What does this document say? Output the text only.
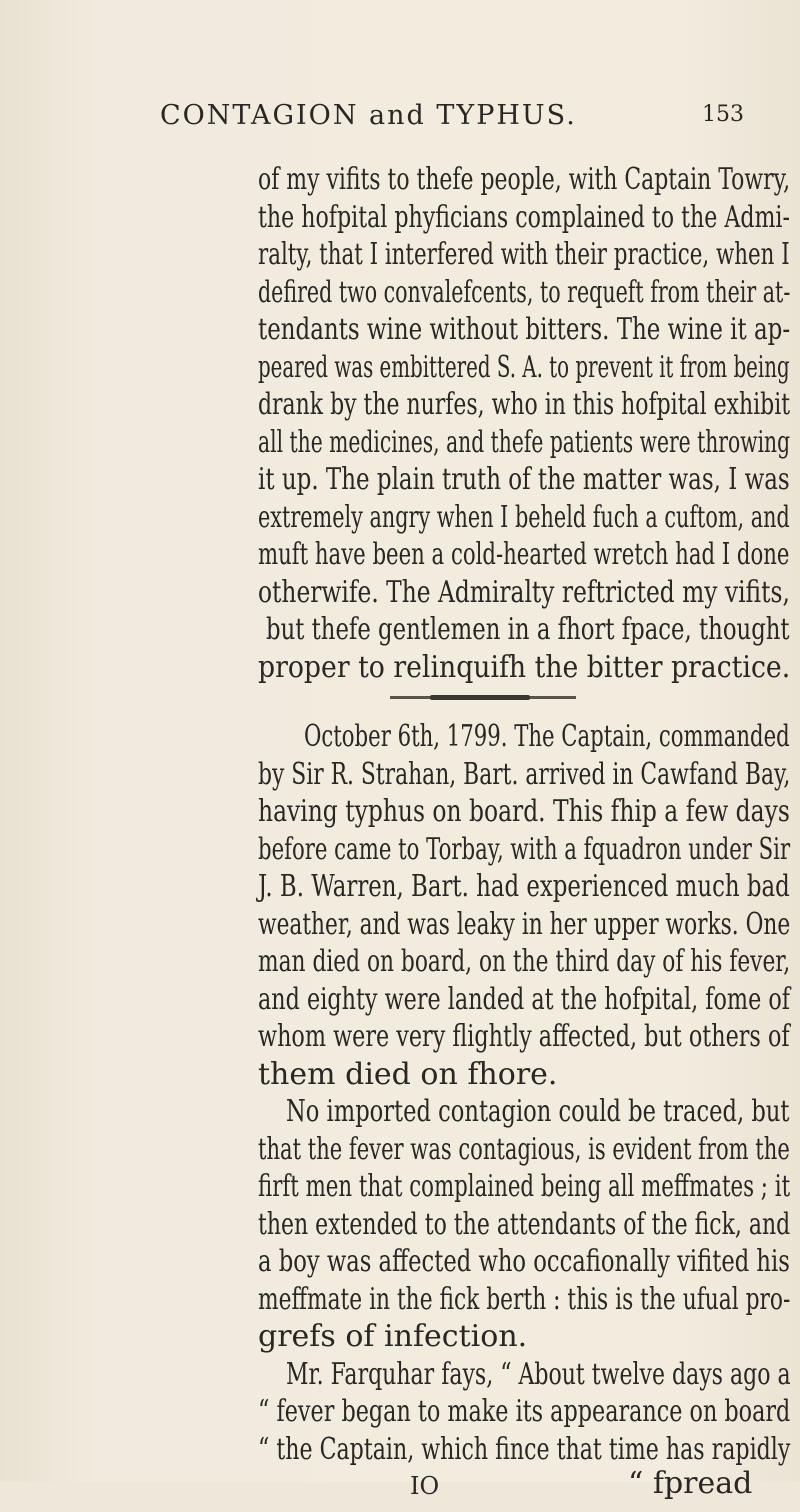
CONTAGION and TYPHUS.	153
of my vifits to thefe people, with Captain Towry,
the hofpital phyficians complained to the Admi-
ralty, that I interfered with their practice, when I
defired two convalefcents, to requeft from their at-
tendants wine without bitters. The wine it ap-
peared was embittered S. A. to prevent it from being
drank by the nurfes, who in this hofpital exhibit
all the medicines, and thefe patients were throwing
it up. The plain truth of the matter was, I was
extremely angry when I beheld fuch a cuftom, and
muft have been a cold-hearted wretch had I done
otherwife. The Admiralty reftricted my vifits,
but thefe gentlemen in a fhort fpace, thought
proper to relinquifh the bitter practice.
October 6th, 1799. The Captain, commanded
by Sir R. Strahan, Bart. arrived in Cawfand Bay,
having typhus on board. This fhip a few days
before came to Torbay, with a fquadron under Sir
J. B. Warren, Bart. had experienced much bad
weather, and was leaky in her upper works. One
man died on board, on the third day of his fever,
and eighty were landed at the hofpital, fome of
whom were very flightly affected, but others of
them died on fhore.
No imported contagion could be traced, but
that the fever was contagious, is evident from the
firft men that complained being all meffmates ; it
then extended to the attendants of the fick, and
a boy was affected who occafionally vifited his
meffmate in the fick berth : this is the ufual pro-
grefs of infection.
Mr. Farquhar fays, “ About twelve days ago a
“ fever began to make its appearance on board
“ the Captain, which fince that time has rapidly
IO	“ fpread
